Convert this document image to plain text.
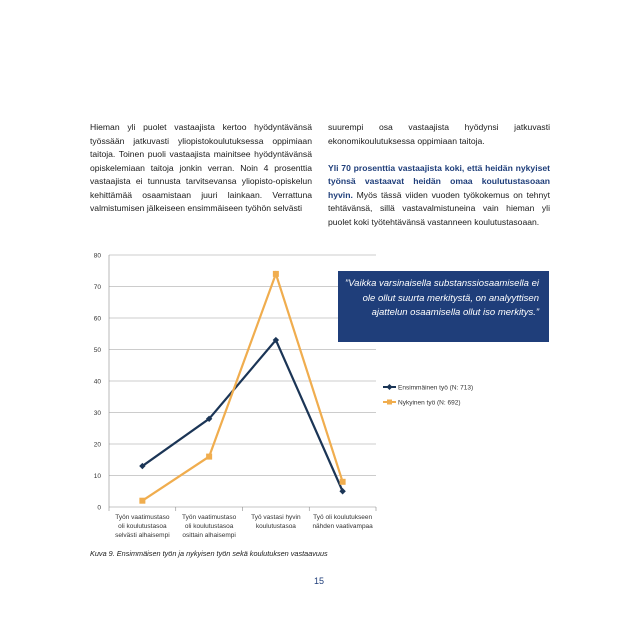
Hieman yli puolet vastaajista kertoo hyödyntävänsä työssään jatkuvasti yliopistokoulutuksessa oppimiaan taitoja. Toinen puoli vastaajista mainitsee hyödyntävänsä opiskelemiaan taitoja jonkin verran. Noin 4 prosenttia vastaajista ei tunnusta tarvitsevansa yliopisto-opiskelun kehittämää osaamistaan juuri lainkaan. Verrattuna valmistumisen jälkeiseen ensimmäiseen työhön selvästi

suurempi osa vastaajista hyödynsi jatkuvasti ekonomikoulutuksessa oppimiaan taitoja.

Yli 70 prosenttia vastaajista koki, että heidän nykyiset työnsä vastaavat heidän omaa koulutustasoaan hyvin. Myös tässä viiden vuoden työkokemus on tehnyt tehtävänsä, sillä vastavalmistuneina vain hieman yli puolet koki työtehtävänsä vastanneen koulutustasoaan.

0
10
20
30
40
50
60
70
80
Työn vaatimustaso
oli koulutustasoa
selvästi alhaisempi
Työn vaatimustaso
oli koulutustasoa
osittain alhaisempi
Työ vastasi hyvin
koulutustasoa
Työ oli koulutukseen
nähden vaativampaa
Ensimmäinen työ (N: 713)
Nykyinen työ (N: 692)
”Vaikka varsinaisella substanssiosaamisella ei ole ollut suurta merkitystä, on analyyttisen ajattelun osaamisella ollut iso merkitys.”
Kuva 9. Ensimmäisen työn ja nykyisen työn sekä koulutuksen vastaavuus
15
